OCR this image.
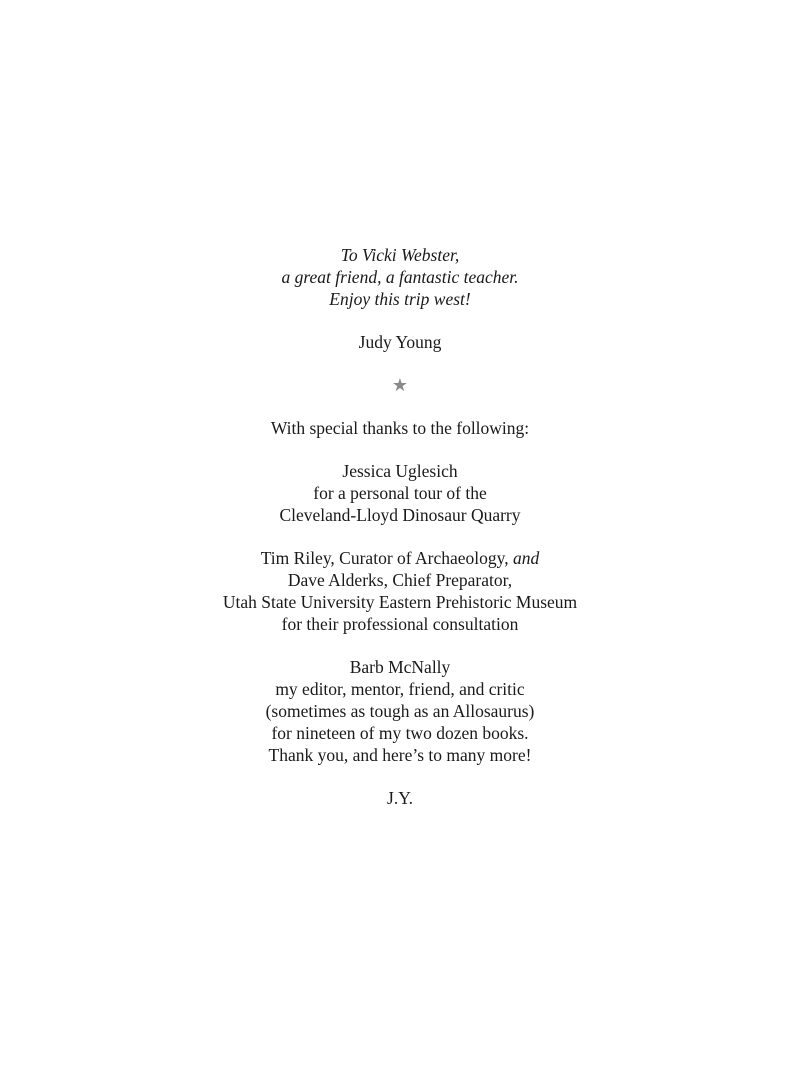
To Vicki Webster,
a great friend, a fantastic teacher.
Enjoy this trip west!
Judy Young
★
With special thanks to the following:
Jessica Uglesich
for a personal tour of the
Cleveland-Lloyd Dinosaur Quarry
Tim Riley, Curator of Archaeology, and
Dave Alderks, Chief Preparator,
Utah State University Eastern Prehistoric Museum
for their professional consultation
Barb McNally
my editor, mentor, friend, and critic
(sometimes as tough as an Allosaurus)
for nineteen of my two dozen books.
Thank you, and here’s to many more!
J.Y.
